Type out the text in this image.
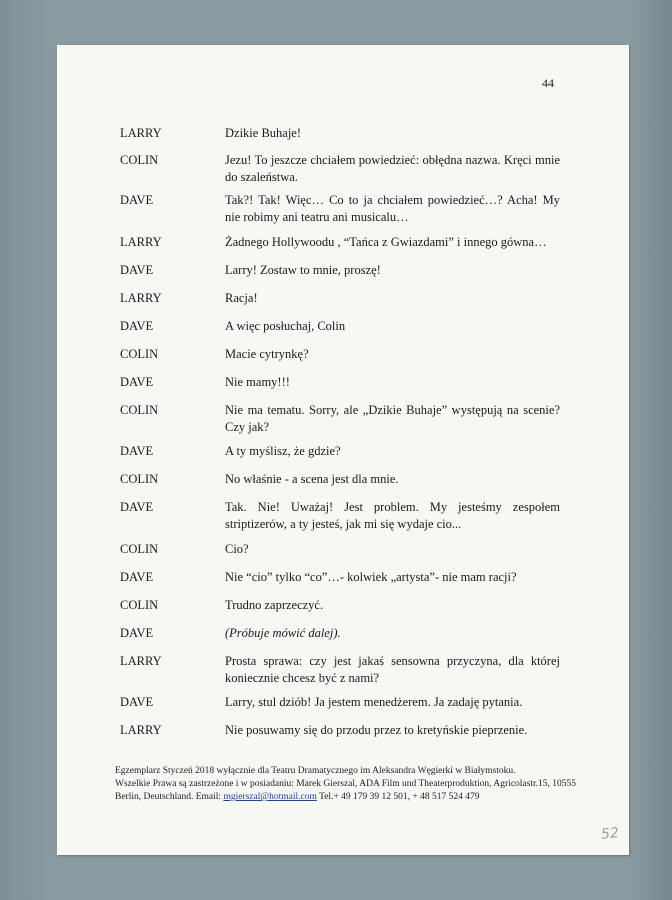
44
LARRY	Dzikie Buhaje!
COLIN	Jezu! To jeszcze chciałem powiedzieć: obłędna nazwa. Kręci mnie do szaleństwa.
DAVE	Tak?! Tak! Więc… Co to ja chciałem powiedzieć…? Acha! My nie robimy ani teatru ani musicalu…
LARRY	Żadnego Hollywoodu , “Tańca z Gwiazdami” i innego gówna…
DAVE	Larry! Zostaw to mnie, proszę!
LARRY	Racja!
DAVE	A więc posłuchaj, Colin
COLIN	Macie cytrynkę?
DAVE	Nie mamy!!!
COLIN	Nie ma tematu. Sorry, ale „Dzikie Buhaje” występują na scenie? Czy jak?
DAVE	A ty myślisz, że gdzie?
COLIN	No właśnie - a scena jest dla mnie.
DAVE	Tak. Nie! Uważaj! Jest problem. My jesteśmy zespołem striptizerów, a ty jesteś, jak mi się wydaje cio...
COLIN	Cio?
DAVE	Nie “cio” tylko “co”…- kolwiek „artysta”- nie mam racji?
COLIN	Trudno zaprzeczyć.
DAVE	(Próbuje mówić dalej).
LARRY	Prosta sprawa: czy jest jakaś sensowna przyczyna, dla której koniecznie chcesz być z nami?
DAVE	Larry, stul dziób! Ja jestem menedżerem. Ja zadaję pytania.
LARRY	Nie posuwamy się do przodu przez to kretyńskie pieprzenie.
Egzemplarz Styczeń 2018 wyłącznie dla Teatru Dramatycznego im Aleksandra Węgierki w Białymstoku.
Wszelkie Prawa są zastrzeżone i w posiadaniu: Marek Gierszal, ADA Film und Theaterproduktion, Agricolastr.15, 10555
Berlin, Deutschland. Email: mgierszal@hotmail.com Tel.+ 49 179 39 12 501, + 48 517 524 479
52
